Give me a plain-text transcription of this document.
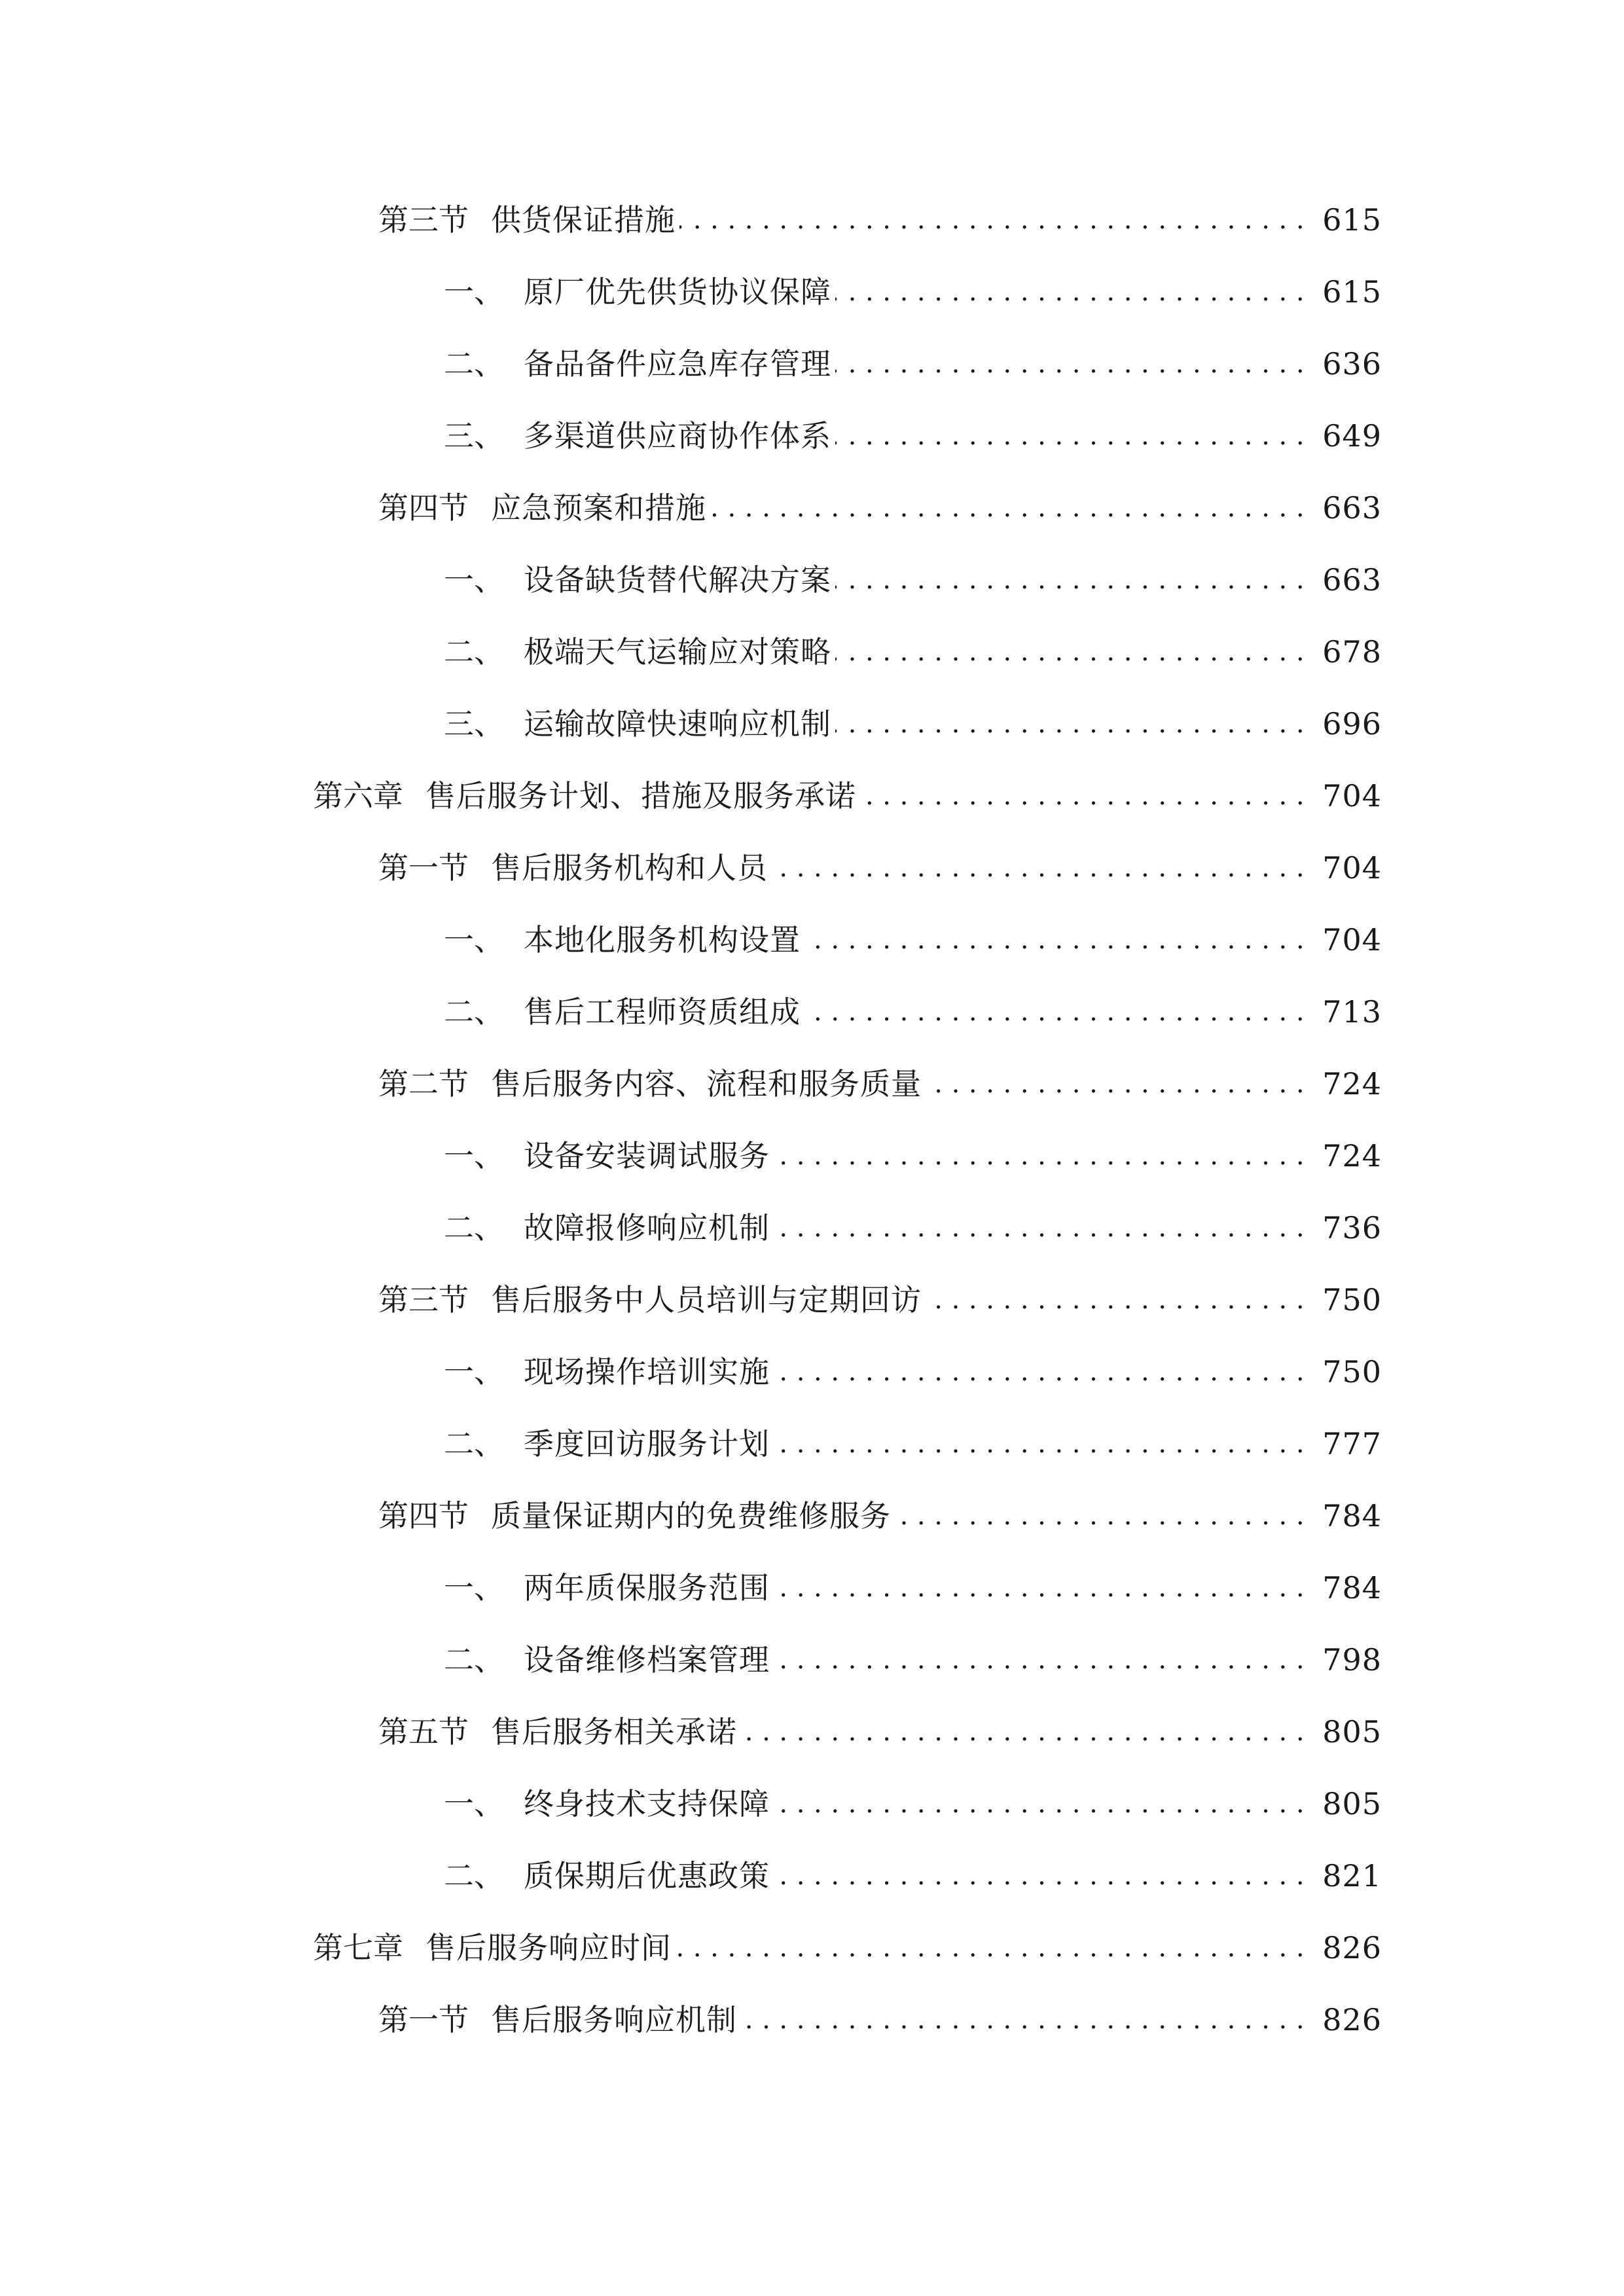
第三节 供货保证措施 .....	615
一、 原厂优先供货协议保障 .....	615
二、 备品备件应急库存管理 .....	636
三、 多渠道供应商协作体系 .....	649
第四节 应急预案和措施 .....	663
一、 设备缺货替代解决方案 .....	663
二、 极端天气运输应对策略 .....	678
三、 运输故障快速响应机制 .....	696
第六章 售后服务计划、措施及服务承诺 .....	704
第一节 售后服务机构和人员 .....	704
一、 本地化服务机构设置 .....	704
二、 售后工程师资质组成 .....	713
第二节 售后服务内容、流程和服务质量 .....	724
一、 设备安装调试服务 .....	724
二、 故障报修响应机制 .....	736
第三节 售后服务中人员培训与定期回访 .....	750
一、 现场操作培训实施 .....	750
二、 季度回访服务计划 .....	777
第四节 质量保证期内的免费维修服务 .....	784
一、 两年质保服务范围 .....	784
二、 设备维修档案管理 .....	798
第五节 售后服务相关承诺 .....	805
一、 终身技术支持保障 .....	805
二、 质保期后优惠政策 .....	821
第七章 售后服务响应时间 .....	826
第一节 售后服务响应机制 .....	826
